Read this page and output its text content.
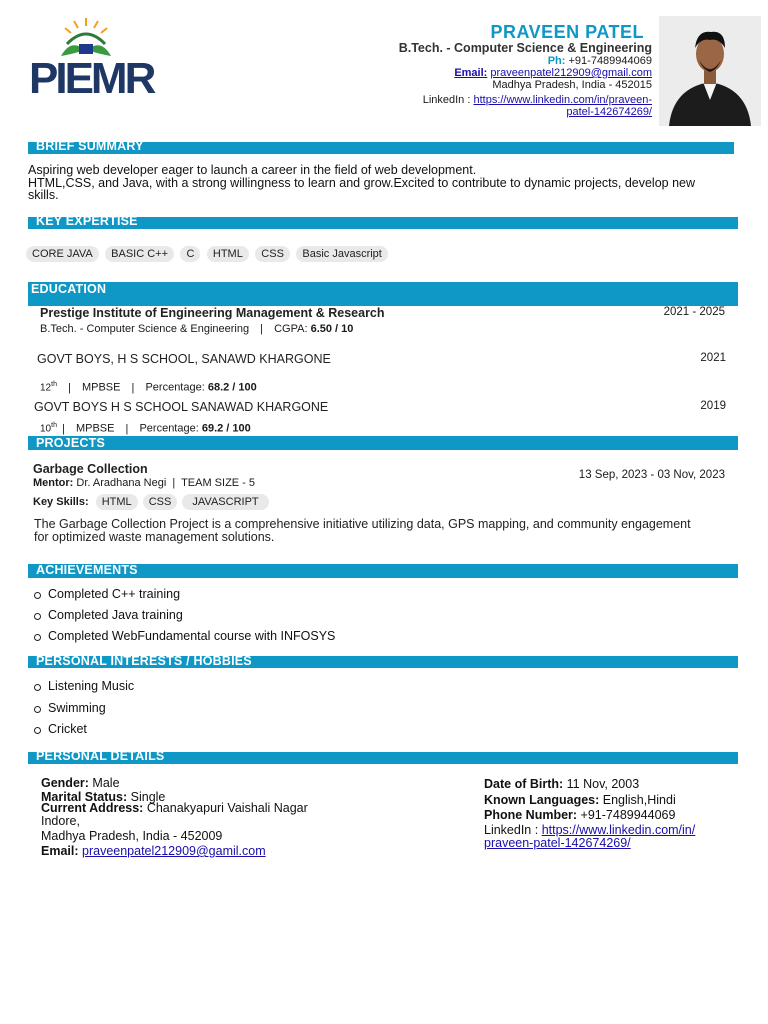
PIEMR
PRAVEEN PATEL
B.Tech. - Computer Science & Engineering
Ph: +91-7489944069
Email: praveenpatel212909@gmail.com
Madhya Pradesh, India - 452015
LinkedIn : https://www.linkedin.com/in/praveen-
patel-142674269/
BRIEF SUMMARY
Aspiring web developer eager to launch a career in the field of web development.
HTML,CSS, and Java, with a strong willingness to learn and grow.Excited to contribute to dynamic projects, develop new
skills.
KEY EXPERTISE
CORE JAVA BASIC C++ C HTML CSS Basic Javascript
EDUCATION
Prestige Institute of Engineering Management & Research	2021 - 2025
B.Tech. - Computer Science & Engineering | CGPA: 6.50 / 10
GOVT BOYS, H S SCHOOL, SANAWD KHARGONE	2021
12th | MPBSE | Percentage: 68.2 / 100
GOVT BOYS H S SCHOOL SANAWAD KHARGONE	2019
10th | MPBSE | Percentage: 69.2 / 100
PROJECTS
Garbage Collection	13 Sep, 2023 - 03 Nov, 2023
Mentor: Dr. Aradhana Negi | TEAM SIZE - 5
Key Skills: HTML CSS JAVASCRIPT
The Garbage Collection Project is a comprehensive initiative utilizing data, GPS mapping, and community engagement
for optimized waste management solutions.
ACHIEVEMENTS
Completed C++ training
Completed Java training
Completed WebFundamental course with INFOSYS
PERSONAL INTERESTS / HOBBIES
Listening Music
Swimming
Cricket
PERSONAL DETAILS
Gender: Male
Marital Status: Single
Current Address: Chanakyapuri Vaishali Nagar
Indore,
Madhya Pradesh, India - 452009
Email: praveenpatel212909@gamil.com
Date of Birth: 11 Nov, 2003
Known Languages: English,Hindi
Phone Number: +91-7489944069
LinkedIn : https://www.linkedin.com/in/
praveen-patel-142674269/
